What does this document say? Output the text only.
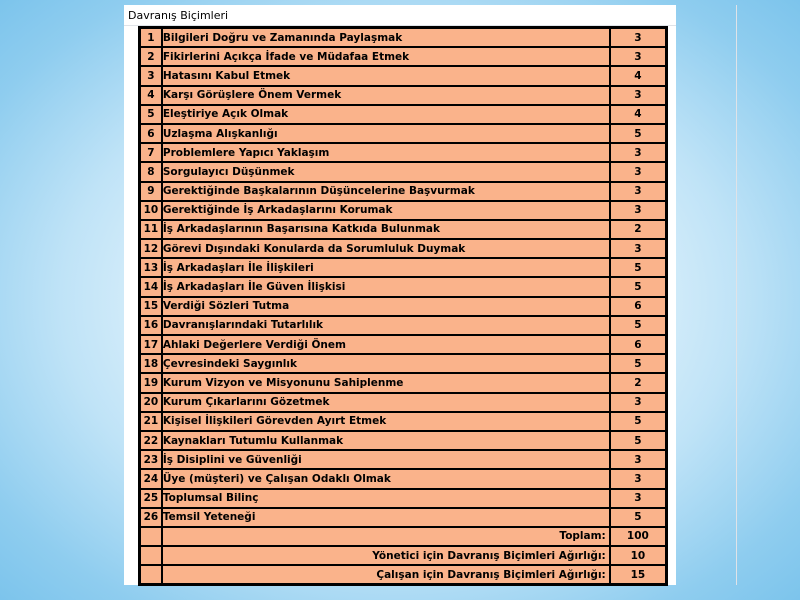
Davranış Biçimleri
1	Bilgileri Doğru ve Zamanında Paylaşmak	3
2	Fikirlerini Açıkça İfade ve Müdafaa Etmek	3
3	Hatasını Kabul Etmek	4
4	Karşı Görüşlere Önem Vermek	3
5	Eleştiriye Açık Olmak	4
6	Uzlaşma Alışkanlığı	5
7	Problemlere Yapıcı Yaklaşım	3
8	Sorgulayıcı Düşünmek	3
9	Gerektiğinde Başkalarının Düşüncelerine Başvurmak	3
10	Gerektiğinde İş Arkadaşlarını Korumak	3
11	İş Arkadaşlarının Başarısına Katkıda Bulunmak	2
12	Görevi Dışındaki Konularda da Sorumluluk Duymak	3
13	İş Arkadaşları İle İlişkileri	5
14	İş Arkadaşları İle Güven İlişkisi	5
15	Verdiği Sözleri Tutma	6
16	Davranışlarındaki Tutarlılık	5
17	Ahlaki Değerlere Verdiği Önem	6
18	Çevresindeki Saygınlık	5
19	Kurum Vizyon ve Misyonunu Sahiplenme	2
20	Kurum Çıkarlarını Gözetmek	3
21	Kişisel İlişkileri Görevden Ayırt Etmek	5
22	Kaynakları Tutumlu Kullanmak	5
23	İş Disiplini ve Güvenliği	3
24	Üye (müşteri) ve Çalışan Odaklı Olmak	3
25	Toplumsal Bilinç	3
26	Temsil Yeteneği	5
	Toplam:	100
	Yönetici için Davranış Biçimleri Ağırlığı:	10
	Çalışan için Davranış Biçimleri Ağırlığı:	15
